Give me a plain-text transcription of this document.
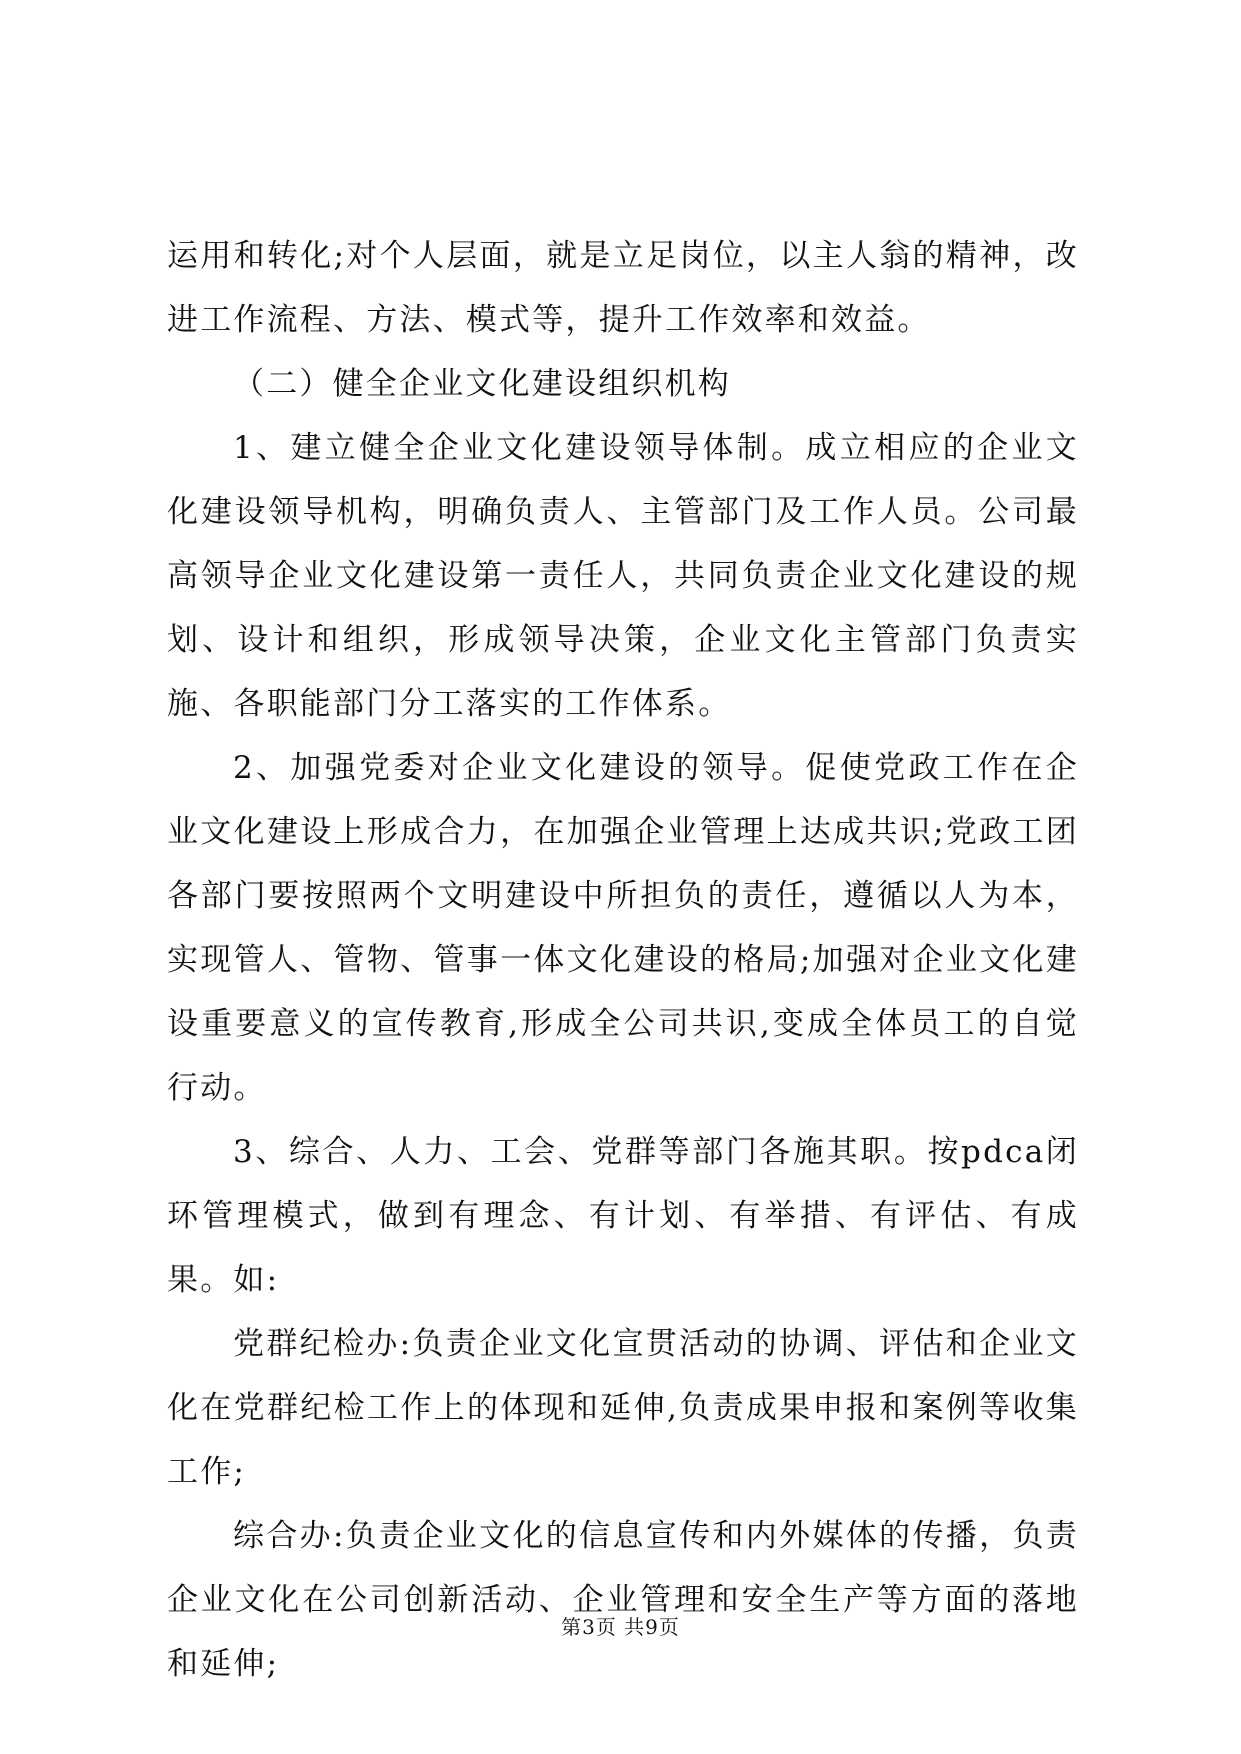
运用和转化;对个人层面，就是立足岗位，以主人翁的精神，改进工作流程、方法、模式等，提升工作效率和效益。

（二）健全企业文化建设组织机构

1、建立健全企业文化建设领导体制。成立相应的企业文化建设领导机构，明确负责人、主管部门及工作人员。公司最高领导企业文化建设第一责任人，共同负责企业文化建设的规划、设计和组织，形成领导决策，企业文化主管部门负责实施、各职能部门分工落实的工作体系。

2、加强党委对企业文化建设的领导。促使党政工作在企业文化建设上形成合力，在加强企业管理上达成共识;党政工团各部门要按照两个文明建设中所担负的责任，遵循以人为本，实现管人、管物、管事一体文化建设的格局;加强对企业文化建设重要意义的宣传教育,形成全公司共识,变成全体员工的自觉行动。

3、综合、人力、工会、党群等部门各施其职。按pdca闭环管理模式，做到有理念、有计划、有举措、有评估、有成果。如:

党群纪检办:负责企业文化宣贯活动的协调、评估和企业文化在党群纪检工作上的体现和延伸,负责成果申报和案例等收集工作;

综合办:负责企业文化的信息宣传和内外媒体的传播，负责企业文化在公司创新活动、企业管理和安全生产等方面的落地和延伸;

第3页 共9页
